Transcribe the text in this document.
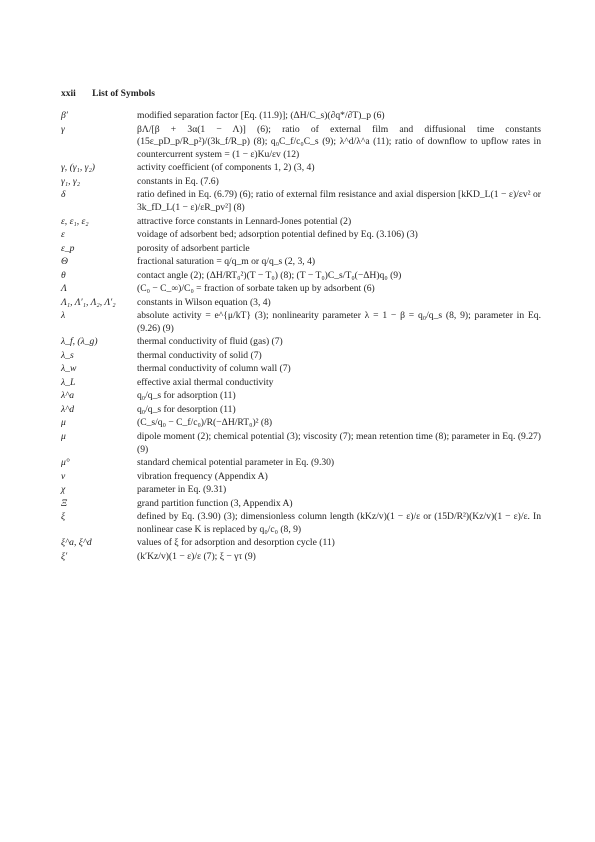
xxii List of Symbols
β′	modified separation factor [Eq. (11.9)]; (ΔH/C_s)(∂q*/∂T)_p (6)
γ	βΛ/[β + 3α(1 − Λ)] (6); ratio of external film and diffusional time constants (15ε_pD_p/R_p²)/(3k_f/R_p) (8); q₀C_f/c₀C_s (9); λ^d/λ^a (11); ratio of downflow to upflow rates in countercurrent system = (1 − ε)Ku/εv (12)
γ, (γ₁, γ₂)	activity coefficient (of components 1, 2) (3, 4)
γ₁, γ₂	constants in Eq. (7.6)
δ	ratio defined in Eq. (6.79) (6); ratio of external film resistance and axial dispersion [kKD_L(1 − ε)/εv² or 3k_fD_L(1 − ε)/εR_pv²] (8)
ε, ε₁, ε₂	attractive force constants in Lennard-Jones potential (2)
ε	voidage of adsorbent bed; adsorption potential defined by Eq. (3.106) (3)
ε_p	porosity of adsorbent particle
Θ	fractional saturation = q/q_m or q/q_s (2, 3, 4)
θ	contact angle (2); (ΔH/RT₀²)(T − T₀) (8); (T − T₀)C_s/T₀(−ΔH)q₀ (9)
Λ	(C₀ − C_∞)/C₀ = fraction of sorbate taken up by adsorbent (6)
Λ₁, Λ′₁, Λ₂, Λ′₂	constants in Wilson equation (3, 4)
λ	absolute activity = e^{μ/kT} (3); nonlinearity parameter λ = 1 − β = q₀/q_s (8, 9); parameter in Eq. (9.26) (9)
λ_f, (λ_g)	thermal conductivity of fluid (gas) (7)
λ_s	thermal conductivity of solid (7)
λ_w	thermal conductivity of column wall (7)
λ_L	effective axial thermal conductivity
λ^a	q₀/q_s for adsorption (11)
λ^d	q₀/q_s for desorption (11)
μ	(C_s/q₀ − C_f/c₀)/R(−ΔH/RT₀)² (8)
μ	dipole moment (2); chemical potential (3); viscosity (7); mean retention time (8); parameter in Eq. (9.27) (9)
μ°	standard chemical potential parameter in Eq. (9.30)
ν	vibration frequency (Appendix A)
χ	parameter in Eq. (9.31)
Ξ	grand partition function (3, Appendix A)
ξ	defined by Eq. (3.90) (3); dimensionless column length (kKz/v)(1 − ε)/ε or (15D/R²)(Kz/v)(1 − ε)/ε. In nonlinear case K is replaced by q₀/c₀ (8, 9)
ξ^a, ξ^d	values of ξ for adsorption and desorption cycle (11)
ξ′	(k′Kz/v)(1 − ε)/ε (7); ξ − γτ (9)
